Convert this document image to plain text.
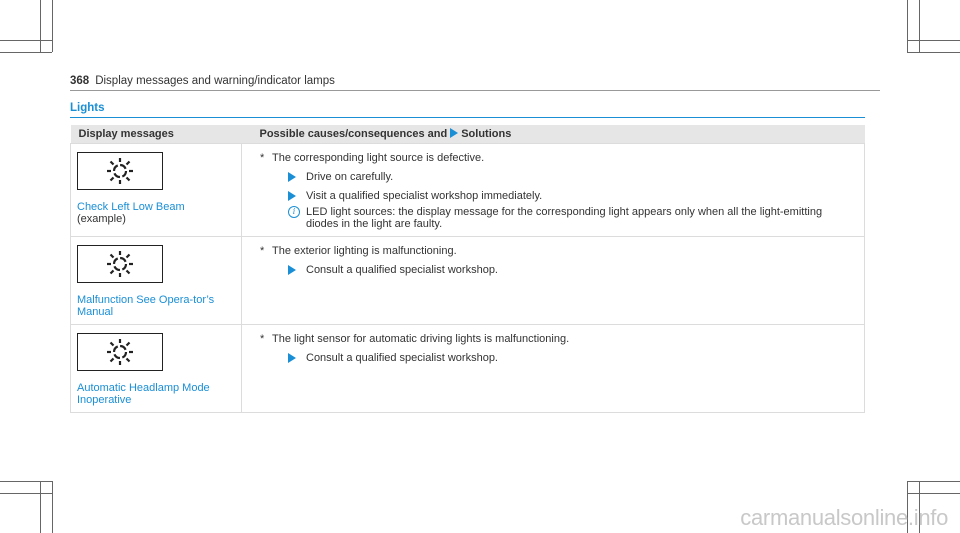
368 Display messages and warning/indicator lamps
Lights
Display messages	Possible causes/consequences and Solutions

Check Left Low Beam (example)	* The corresponding light source is defective.
Drive on carefully.
Visit a qualified specialist workshop immediately.
i LED light sources: the display message for the corresponding light appears only when all the light-emitting diodes in the light are faulty.

Malfunction See Opera‐tor’s Manual	* The exterior lighting is malfunctioning.
Consult a qualified specialist workshop.

Automatic Headlamp Mode Inoperative	* The light sensor for automatic driving lights is malfunctioning.
Consult a qualified specialist workshop.
carmanualsonline.info
